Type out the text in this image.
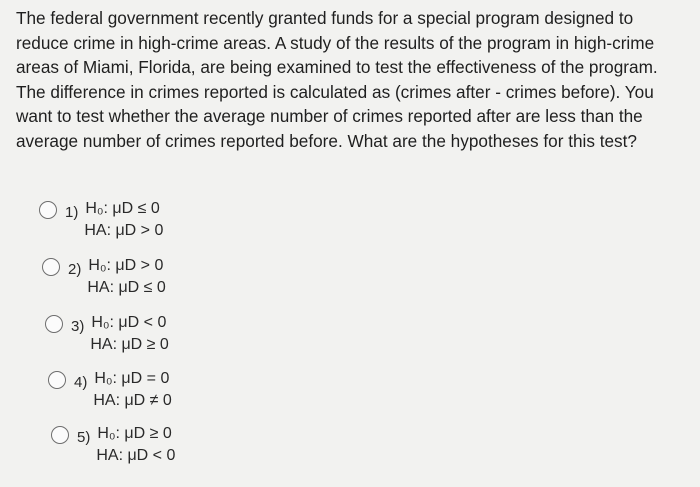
The federal government recently granted funds for a special program designed to
reduce crime in high-crime areas. A study of the results of the program in high-crime
areas of Miami, Florida, are being examined to test the effectiveness of the program.
The difference in crimes reported is calculated as (crimes after - crimes before). You
want to test whether the average number of crimes reported after are less than the
average number of crimes reported before. What are the hypotheses for this test?
1) H₀: μD ≤ 0
HA: μD > 0
2) H₀: μD > 0
HA: μD ≤ 0
3) H₀: μD < 0
HA: μD ≥ 0
4) H₀: μD = 0
HA: μD ≠ 0
5) H₀: μD ≥ 0
HA: μD < 0
